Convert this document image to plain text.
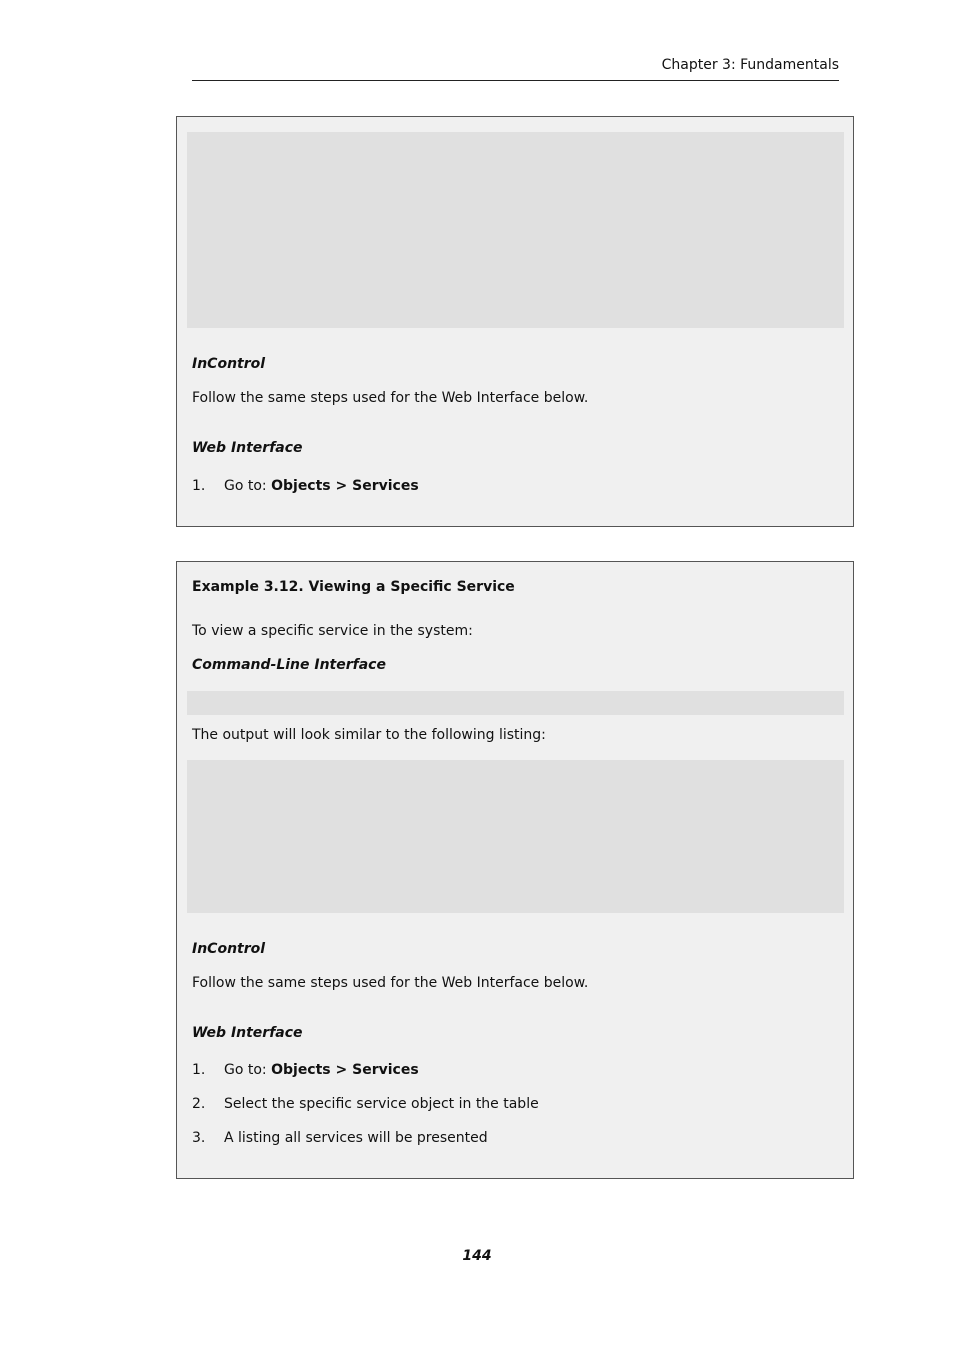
Chapter 3: Fundamentals
InControl
Follow the same steps used for the Web Interface below.
Web Interface
1. Go to: Objects > Services
Example 3.12. Viewing a Specific Service
To view a specific service in the system:
Command-Line Interface
The output will look similar to the following listing:
InControl
Follow the same steps used for the Web Interface below.
Web Interface
1. Go to: Objects > Services
2. Select the specific service object in the table
3. A listing all services will be presented
144
